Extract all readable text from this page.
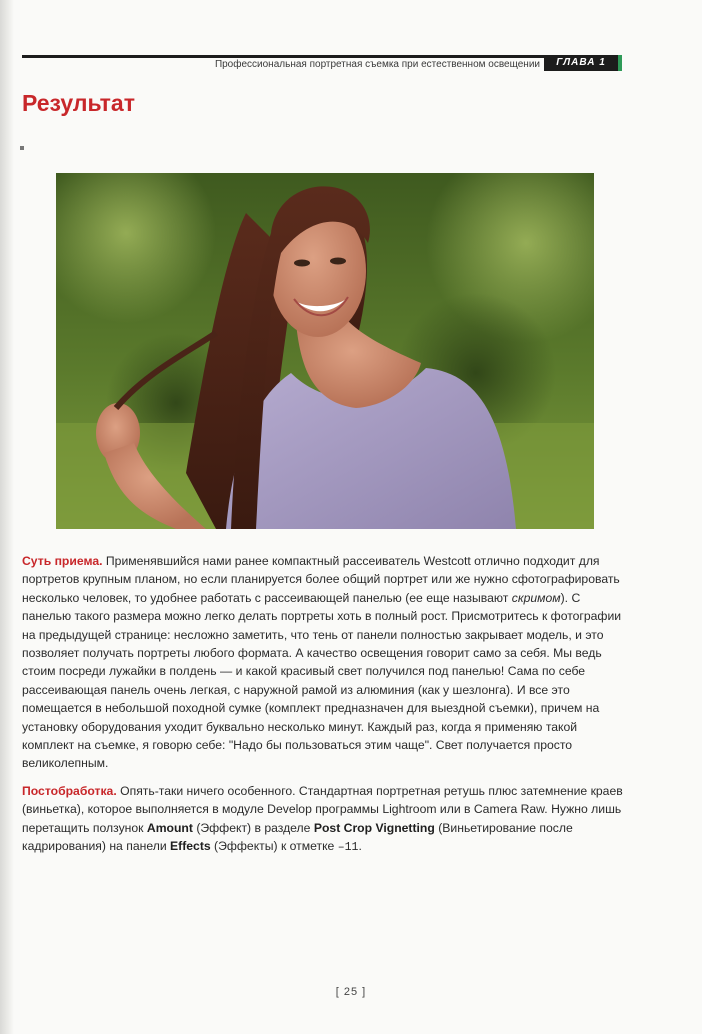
Профессиональная портретная съемка при естественном освещении	ГЛАВА 1
Результат

Суть приема. Применявшийся нами ранее компактный рассеиватель Westcott отлично подходит для портретов крупным планом, но если планируется более общий портрет или же нужно сфотографировать несколько человек, то удобнее работать с рассеивающей панелью (ее еще называют скримом). С панелью такого размера можно легко делать портреты хоть в полный рост. Присмотритесь к фотографии на предыдущей странице: несложно заметить, что тень от панели полностью закрывает модель, и это позволяет получать портреты любого формата. А качество освещения говорит само за себя. Мы ведь стоим посреди лужайки в полдень — и какой красивый свет получился под панелью! Сама по себе рассеивающая панель очень легкая, с наружной рамой из алюминия (как у шезлонга). И все это помещается в небольшой походной сумке (комплект предназначен для выездной съемки), причем на установку оборудования уходит буквально несколько минут. Каждый раз, когда я применяю такой комплект на съемке, я говорю себе: "Надо бы пользоваться этим чаще". Свет получается просто великолепным.

Постобработка. Опять-таки ничего особенного. Стандартная портретная ретушь плюс затемнение краев (виньетка), которое выполняется в модуле Develop программы Lightroom или в Camera Raw. Нужно лишь перетащить ползунок Amount (Эффект) в разделе Post Crop Vignetting (Виньетирование после кадрирования) на панели Effects (Эффекты) к отметке –11.

[ 25 ]
